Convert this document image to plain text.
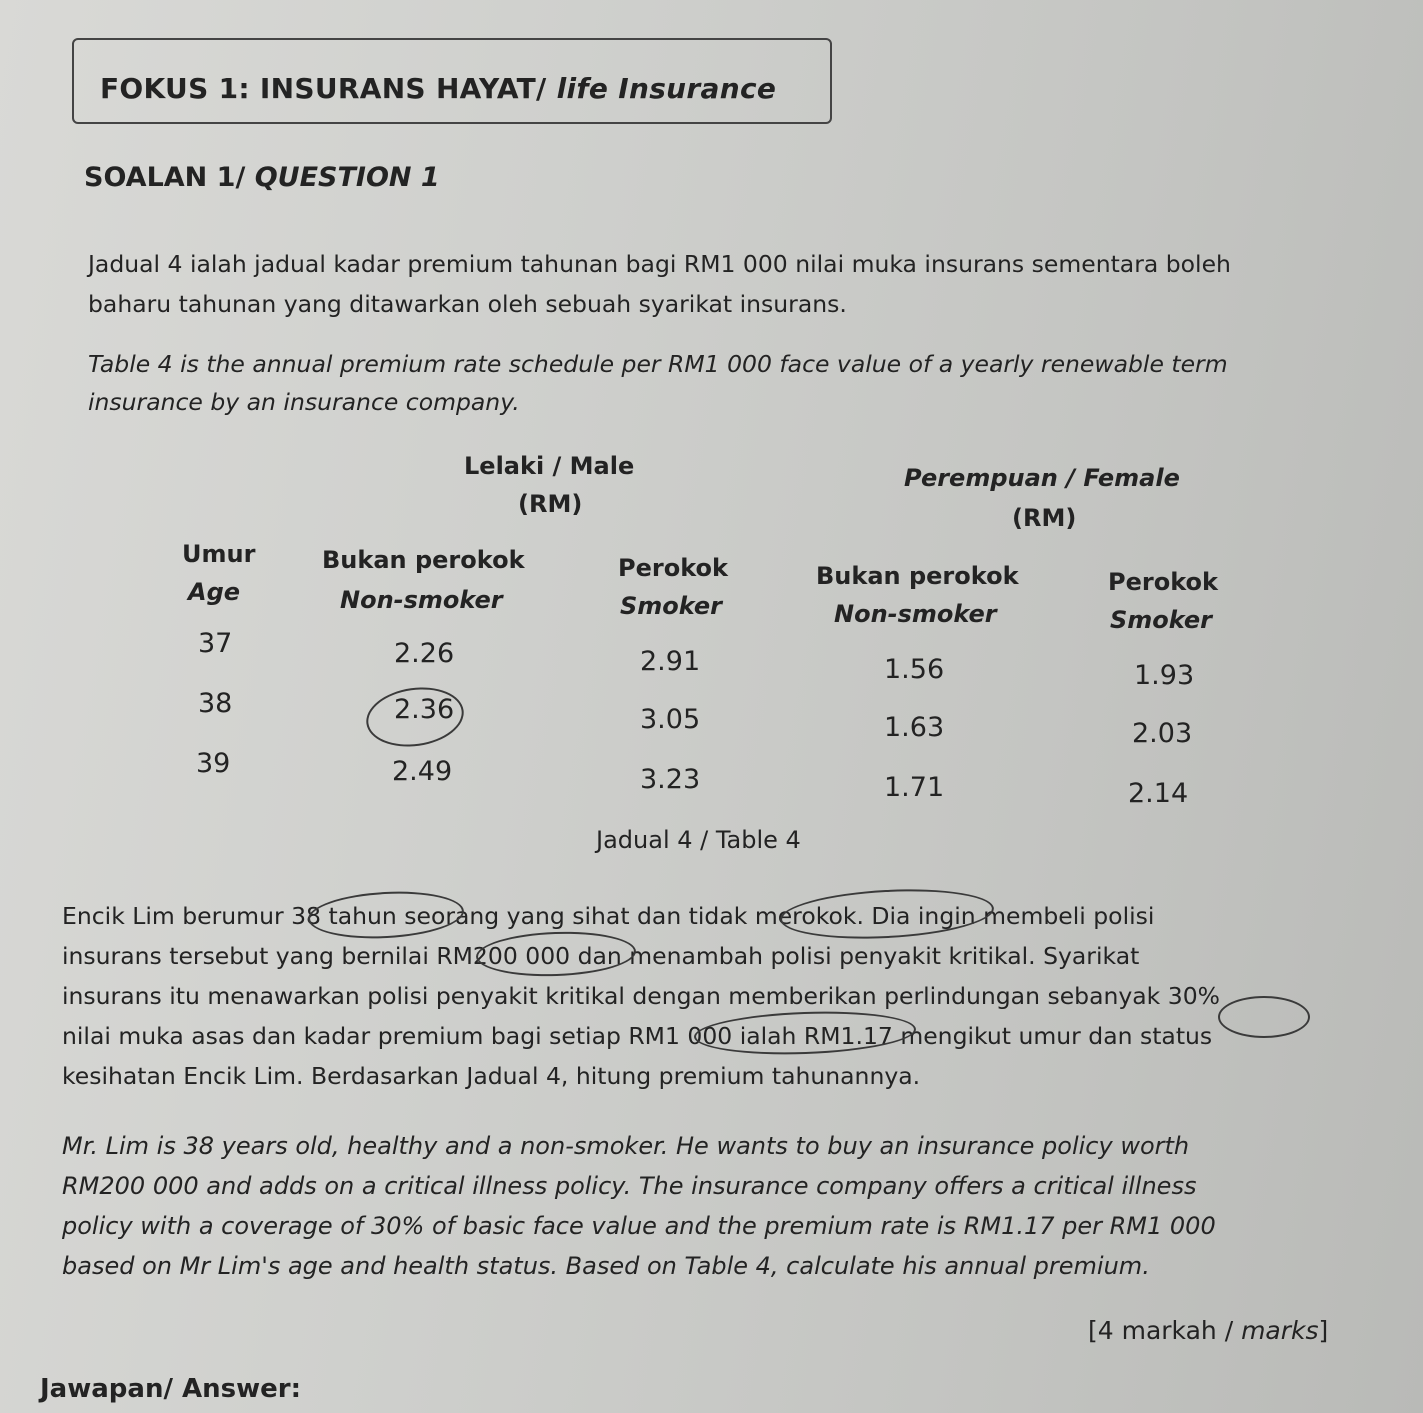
FOKUS 1: INSURANS HAYAT/ life Insurance
SOALAN 1/ QUESTION 1
Jadual 4 ialah jadual kadar premium tahunan bagi RM1 000 nilai muka insurans sementara boleh
baharu tahunan yang ditawarkan oleh sebuah syarikat insurans.
Table 4 is the annual premium rate schedule per RM1 000 face value of a yearly renewable term
insurance by an insurance company.
Lelaki / Male
(RM)
Perempuan / Female
(RM)
Umur
Age
Bukan perokok
Non-smoker
Perokok
Smoker
Bukan perokok
Non-smoker
Perokok
Smoker
37	2.26	2.91	1.56	1.93
38	2.36	3.05	1.63	2.03
39	2.49	3.23	1.71	2.14
Jadual 4 / Table 4
Encik Lim berumur 38 tahun seorang yang sihat dan tidak merokok. Dia ingin membeli polisi
insurans tersebut yang bernilai RM200 000 dan menambah polisi penyakit kritikal. Syarikat
insurans itu menawarkan polisi penyakit kritikal dengan memberikan perlindungan sebanyak 30%
nilai muka asas dan kadar premium bagi setiap RM1 000 ialah RM1.17 mengikut umur dan status
kesihatan Encik Lim. Berdasarkan Jadual 4, hitung premium tahunannya.
Mr. Lim is 38 years old, healthy and a non-smoker. He wants to buy an insurance policy worth
RM200 000 and adds on a critical illness policy. The insurance company offers a critical illness
policy with a coverage of 30% of basic face value and the premium rate is RM1.17 per RM1 000
based on Mr Lim's age and health status. Based on Table 4, calculate his annual premium.
[4 markah / marks]
Jawapan/ Answer:
